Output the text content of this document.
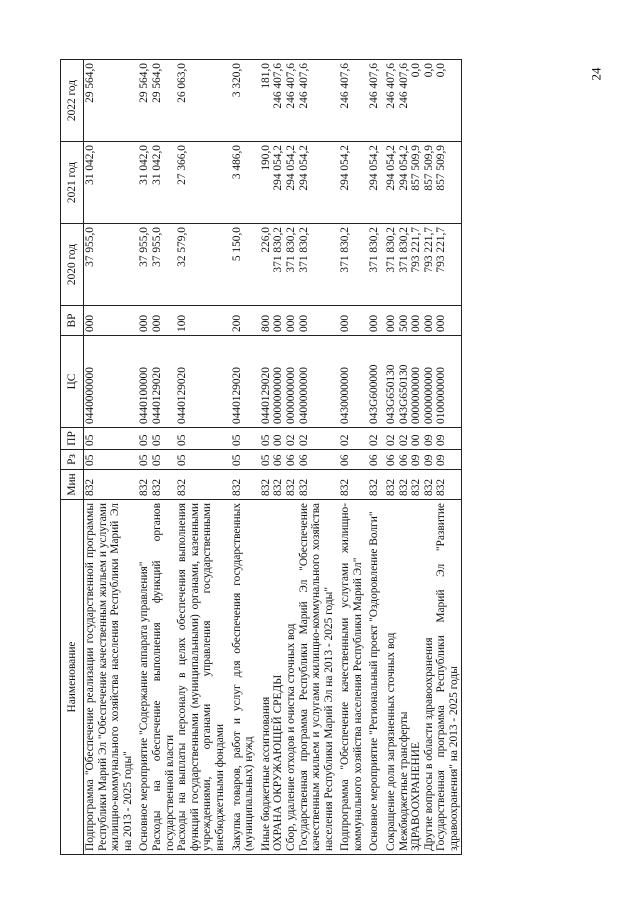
24
Наименование	Мин	Рз	ПР	ЦС	ВР	2020 год	2021 год	2022 год
Подпрограмма "Обеспечение реализации государственной программы Республики Марий Эл "Обеспечение качественным жильем и услугами жилищно-коммунального хозяйства населения Республики Марий Эл на 2013 - 2025 годы"	832	05	05	0440000000	000	37 955,0	31 042,0	29 564,0
Основное мероприятие "Содержание аппарата управления"	832	05	05	0440100000	000	37 955,0	31 042,0	29 564,0
Расходы на обеспечение выполнения функций органов государственной власти	832	05	05	0440129020	000	37 955,0	31 042,0	29 564,0
Расходы на выплаты персоналу в целях обеспечения выполнения функций государственными (муниципальными) органами, казенными учреждениями, органами управления государственными внебюджетными фондами	832	05	05	0440129020	100	32 579,0	27 366,0	26 063,0
Закупка товаров, работ и услуг для обеспечения государственных (муниципальных) нужд	832	05	05	0440129020	200	5 150,0	3 486,0	3 320,0
Иные бюджетные ассигнования	832	05	05	0440129020	800	226,0	190,0	181,0
ОХРАНА ОКРУЖАЮЩЕЙ СРЕДЫ	832	06	00	0000000000	000	371 830,2	294 054,2	246 407,6
Сбор, удаление отходов и очистка сточных вод	832	06	02	0000000000	000	371 830,2	294 054,2	246 407,6
Государственная программа Республики Марий Эл "Обеспечение качественным жильем и услугами жилищно-коммунального хозяйства населения Республики Марий Эл на 2013 - 2025 годы"	832	06	02	0400000000	000	371 830,2	294 054,2	246 407,6
Подпрограмма "Обеспечение качественными услугами жилищно-коммунального хозяйства населения Республики Марий Эл"	832	06	02	0430000000	000	371 830,2	294 054,2	246 407,6
Основное мероприятие "Региональный проект "Оздоровление Волги"	832	06	02	043G600000	000	371 830,2	294 054,2	246 407,6
Сокращение доли загрязненных сточных вод	832	06	02	043G650130	000	371 830,2	294 054,2	246 407,6
Межбюджетные трансферты	832	06	02	043G650130	500	371 830,2	294 054,2	246 407,6
ЗДРАВООХРАНЕНИЕ	832	09	00	0000000000	000	793 221,7	857 509,9	0,0
Другие вопросы в области здравоохранения	832	09	09	0000000000	000	793 221,7	857 509,9	0,0
Государственная программа Республики Марий Эл "Развитие здравоохранения" на 2013 - 2025 годы	832	09	09	0100000000	000	793 221,7	857 509,9	0,0
